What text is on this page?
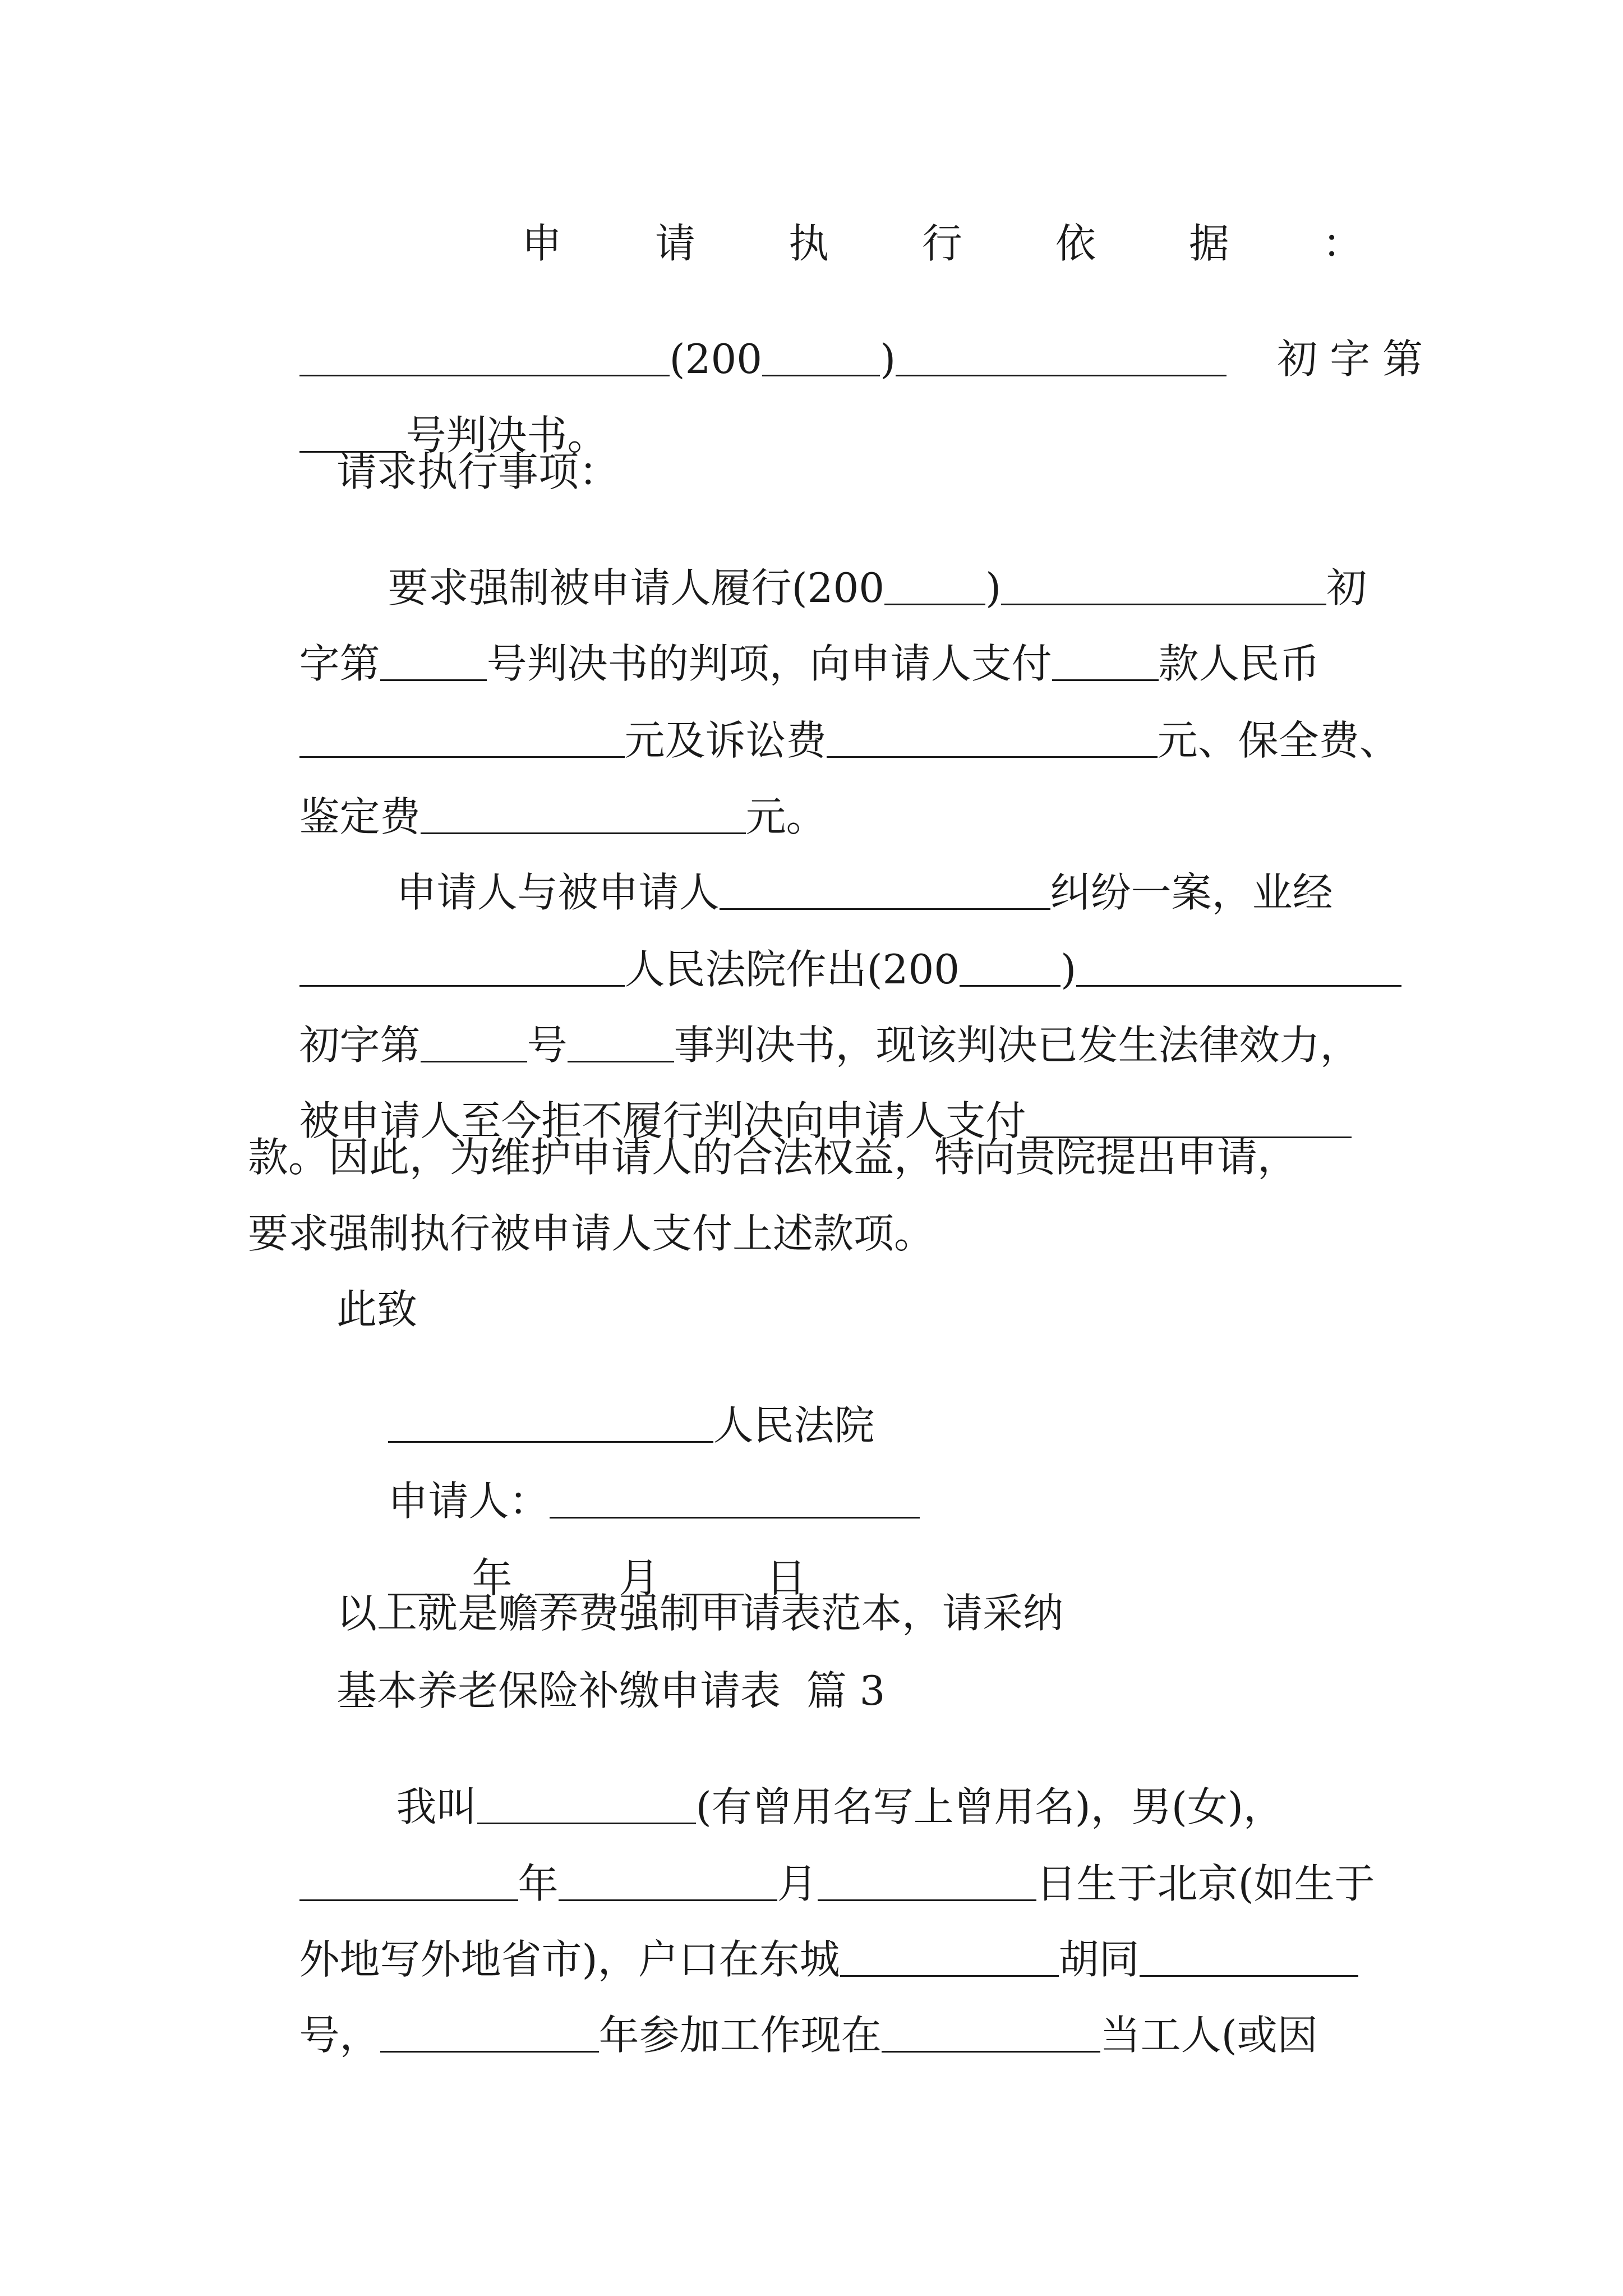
申 请 执 行 依 据 ：

(200	)	初字第

号判决书。

请求执行事项：

要求强制被申请人履行(200	)	初

字第	号判决书的判项，向申请人支付	款人民币

元及诉讼费	元、保全费、

鉴定费	元。

申请人与被申请人	纠纷一案，业经

人民法院作出(200	)

初字第	号	事判决书，现该判决已发生法律效力，

被申请人至今拒不履行判决向申请人支付

款。因此，为维护申请人的合法权益，特向贵院提出申请，
要求强制执行被申请人支付上述款项。
此致

人民法院

申请人：

年	月	日

以上就是赡养费强制申请表范本，请采纳
基本养老保险补缴申请表  篇 3

我叫	(有曾用名写上曾用名)，男(女)，

年	月	日生于北京(如生于

外地写外地省市)，户口在东城	胡同

号，	年参加工作现在	当工人(或因
